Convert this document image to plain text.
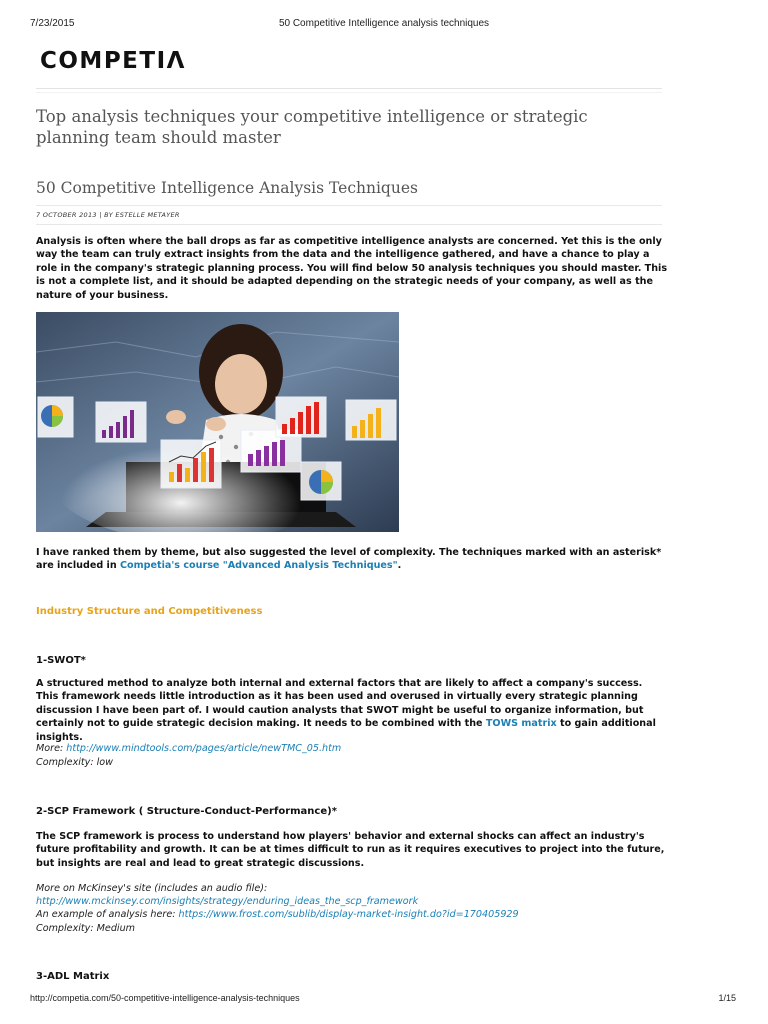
7/23/2015	50 Competitive Intelligence analysis techniques
COMPETIΛ
Top analysis techniques your competitive intelligence or strategic planning team should master
50 Competitive Intelligence Analysis Techniques
7 OCTOBER 2013 | BY ESTELLE METAYER
Analysis is often where the ball drops as far as competitive intelligence analysts are concerned. Yet this is the only way the team can truly extract insights from the data and the intelligence gathered, and have a chance to play a role in the company's strategic planning process. You will find below 50 analysis techniques you should master. This is not a complete list, and it should be adapted depending on the strategic needs of your company, as well as the nature of your business.
I have ranked them by theme, but also suggested the level of complexity. The techniques marked with an asterisk* are included in Competia's course "Advanced Analysis Techniques".
Industry Structure and Competitiveness
1-SWOT*
A structured method to analyze both internal and external factors that are likely to affect a company's success. This framework needs little introduction as it has been used and overused in virtually every strategic planning discussion I have been part of. I would caution analysts that SWOT might be useful to organize information, but certainly not to guide strategic decision making. It needs to be combined with the TOWS matrix to gain additional insights.
More: http://www.mindtools.com/pages/article/newTMC_05.htm
Complexity: low
2-SCP Framework ( Structure-Conduct-Performance)*
The SCP framework is process to understand how players' behavior and external shocks can affect an industry's future profitability and growth. It can be at times difficult to run as it requires executives to project into the future, but insights are real and lead to great strategic discussions.
More on McKinsey's site (includes an audio file):
http://www.mckinsey.com/insights/strategy/enduring_ideas_the_scp_framework
An example of analysis here: https://www.frost.com/sublib/display-market-insight.do?id=170405929
Complexity: Medium
3-ADL Matrix
http://competia.com/50-competitive-intelligence-analysis-techniques	1/15
